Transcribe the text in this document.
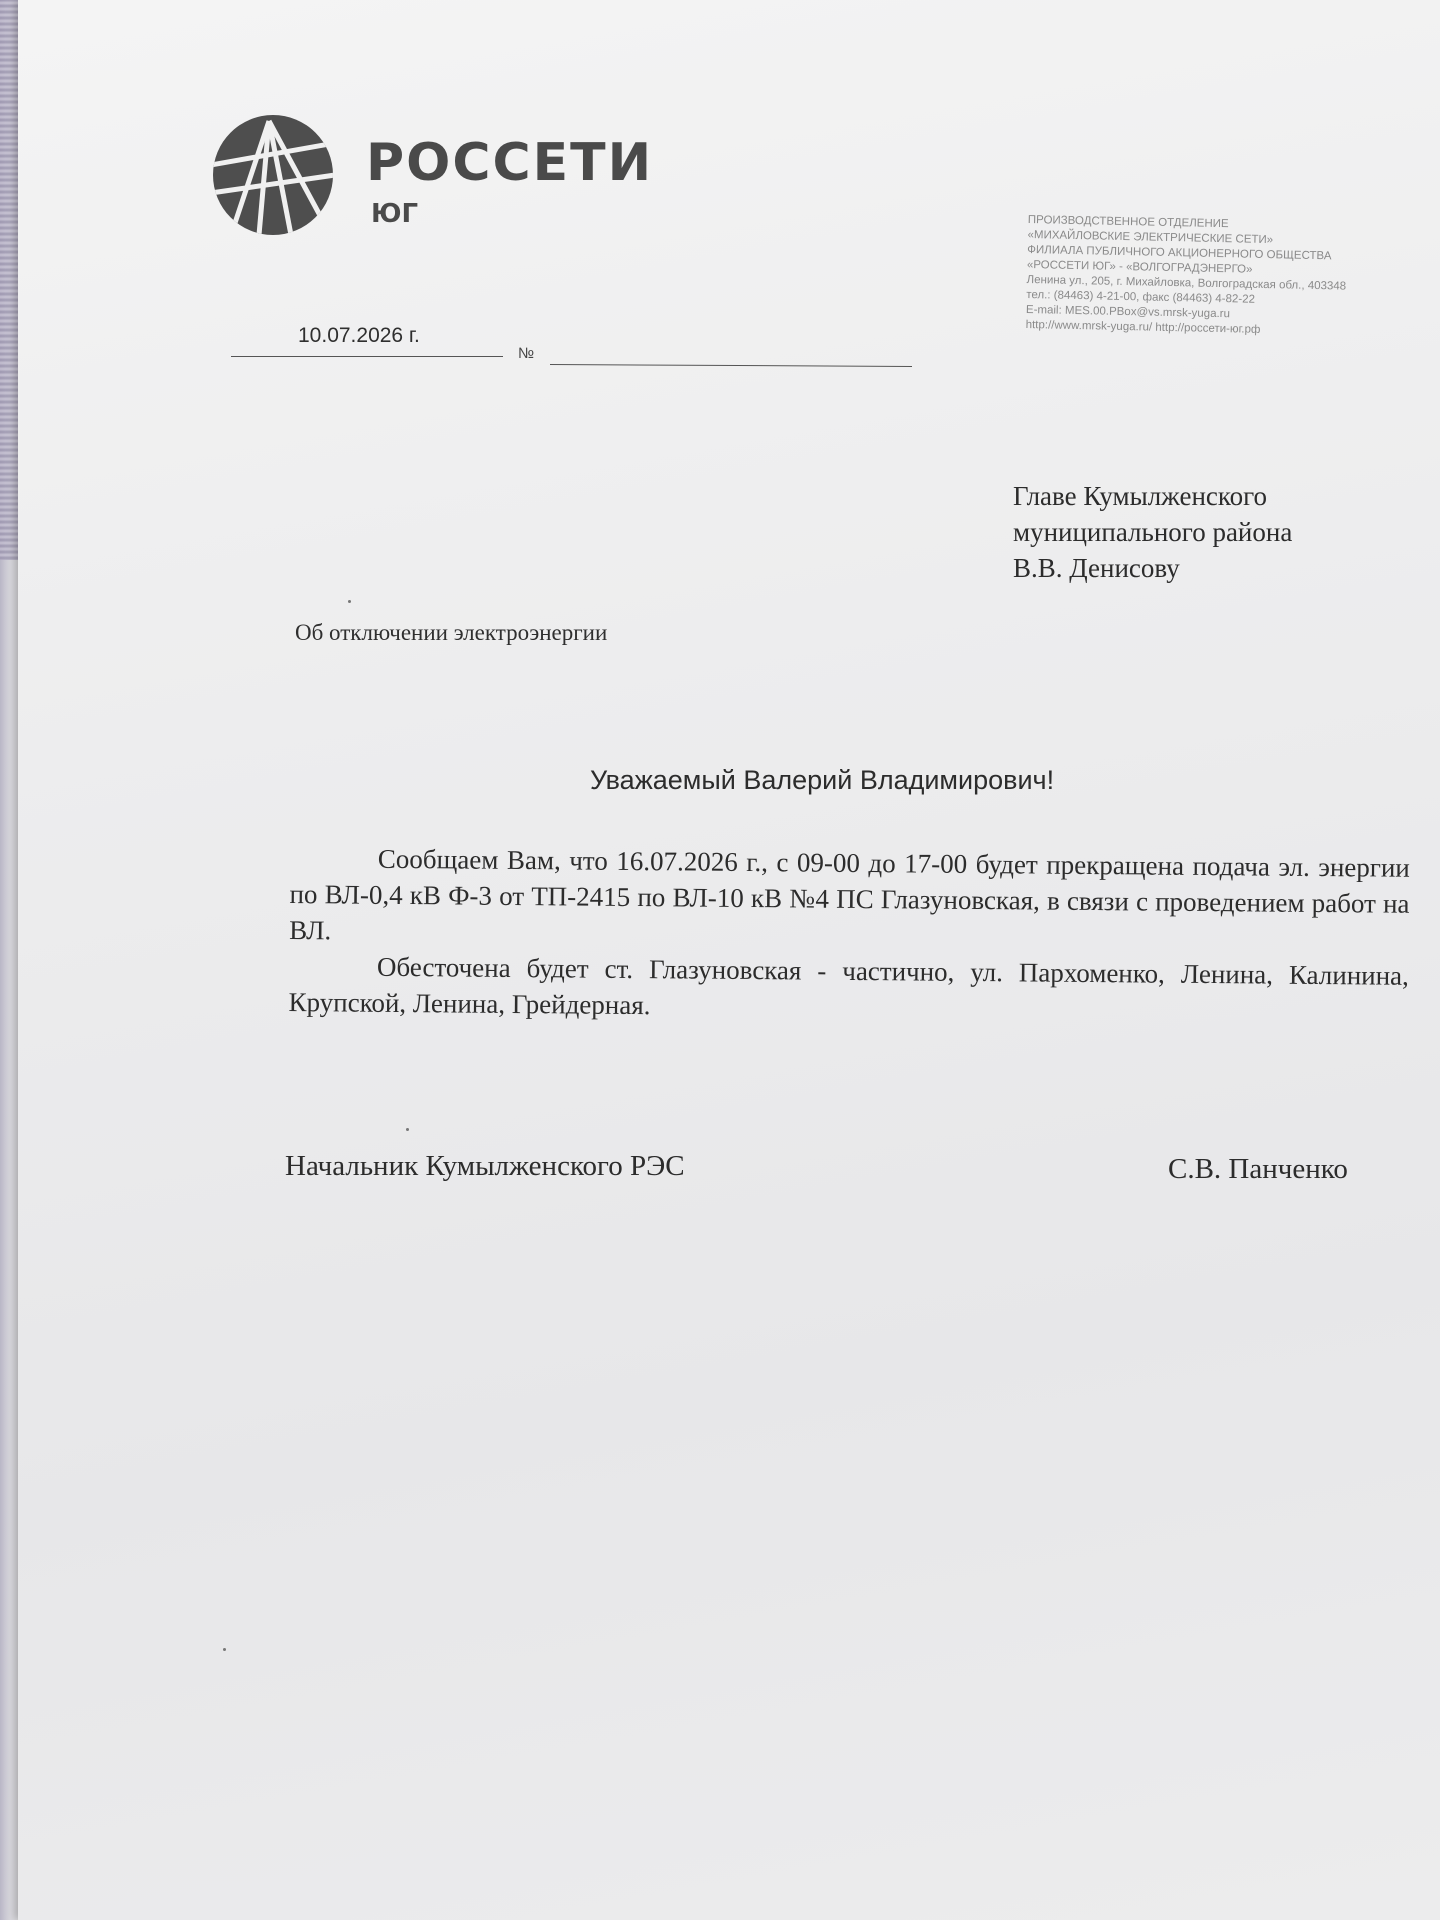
РОССЕТИ
ЮГ	ПРОИЗВОДСТВЕННОЕ ОТДЕЛЕНИЕ
«МИХАЙЛОВСКИЕ ЭЛЕКТРИЧЕСКИЕ СЕТИ»
ФИЛИАЛА ПУБЛИЧНОГО АКЦИОНЕРНОГО ОБЩЕСТВА
«РОССЕТИ ЮГ» - «ВОЛГОГРАДЭНЕРГО»
Ленина ул., 205, г. Михайловка, Волгоградская обл., 403348
тел.: (84463) 4-21-00, факс (84463) 4-82-22
E-mail: MES.00.PBox@vs.mrsk-yuga.ru
http://www.mrsk-yuga.ru/ http://россети-юг.рф
10.07.2026 г.
№
Главе Кумылженского
муниципального района
В.В. Денисову
Об отключении электроэнергии
Уважаемый Валерий Владимирович!

Сообщаем Вам, что 16.07.2026 г., с 09-00 до 17-00 будет прекращена подача эл. энергии по ВЛ-0,4 кВ Ф-3 от ТП-2415 по ВЛ-10 кВ №4 ПС Глазуновская, в связи с проведением работ на ВЛ.

Обесточена будет ст. Глазуновская - частично, ул. Пархоменко, Ленина, Калинина, Крупской, Ленина, Грейдерная.

Начальник Кумылженского РЭС	С.В. Панченко
